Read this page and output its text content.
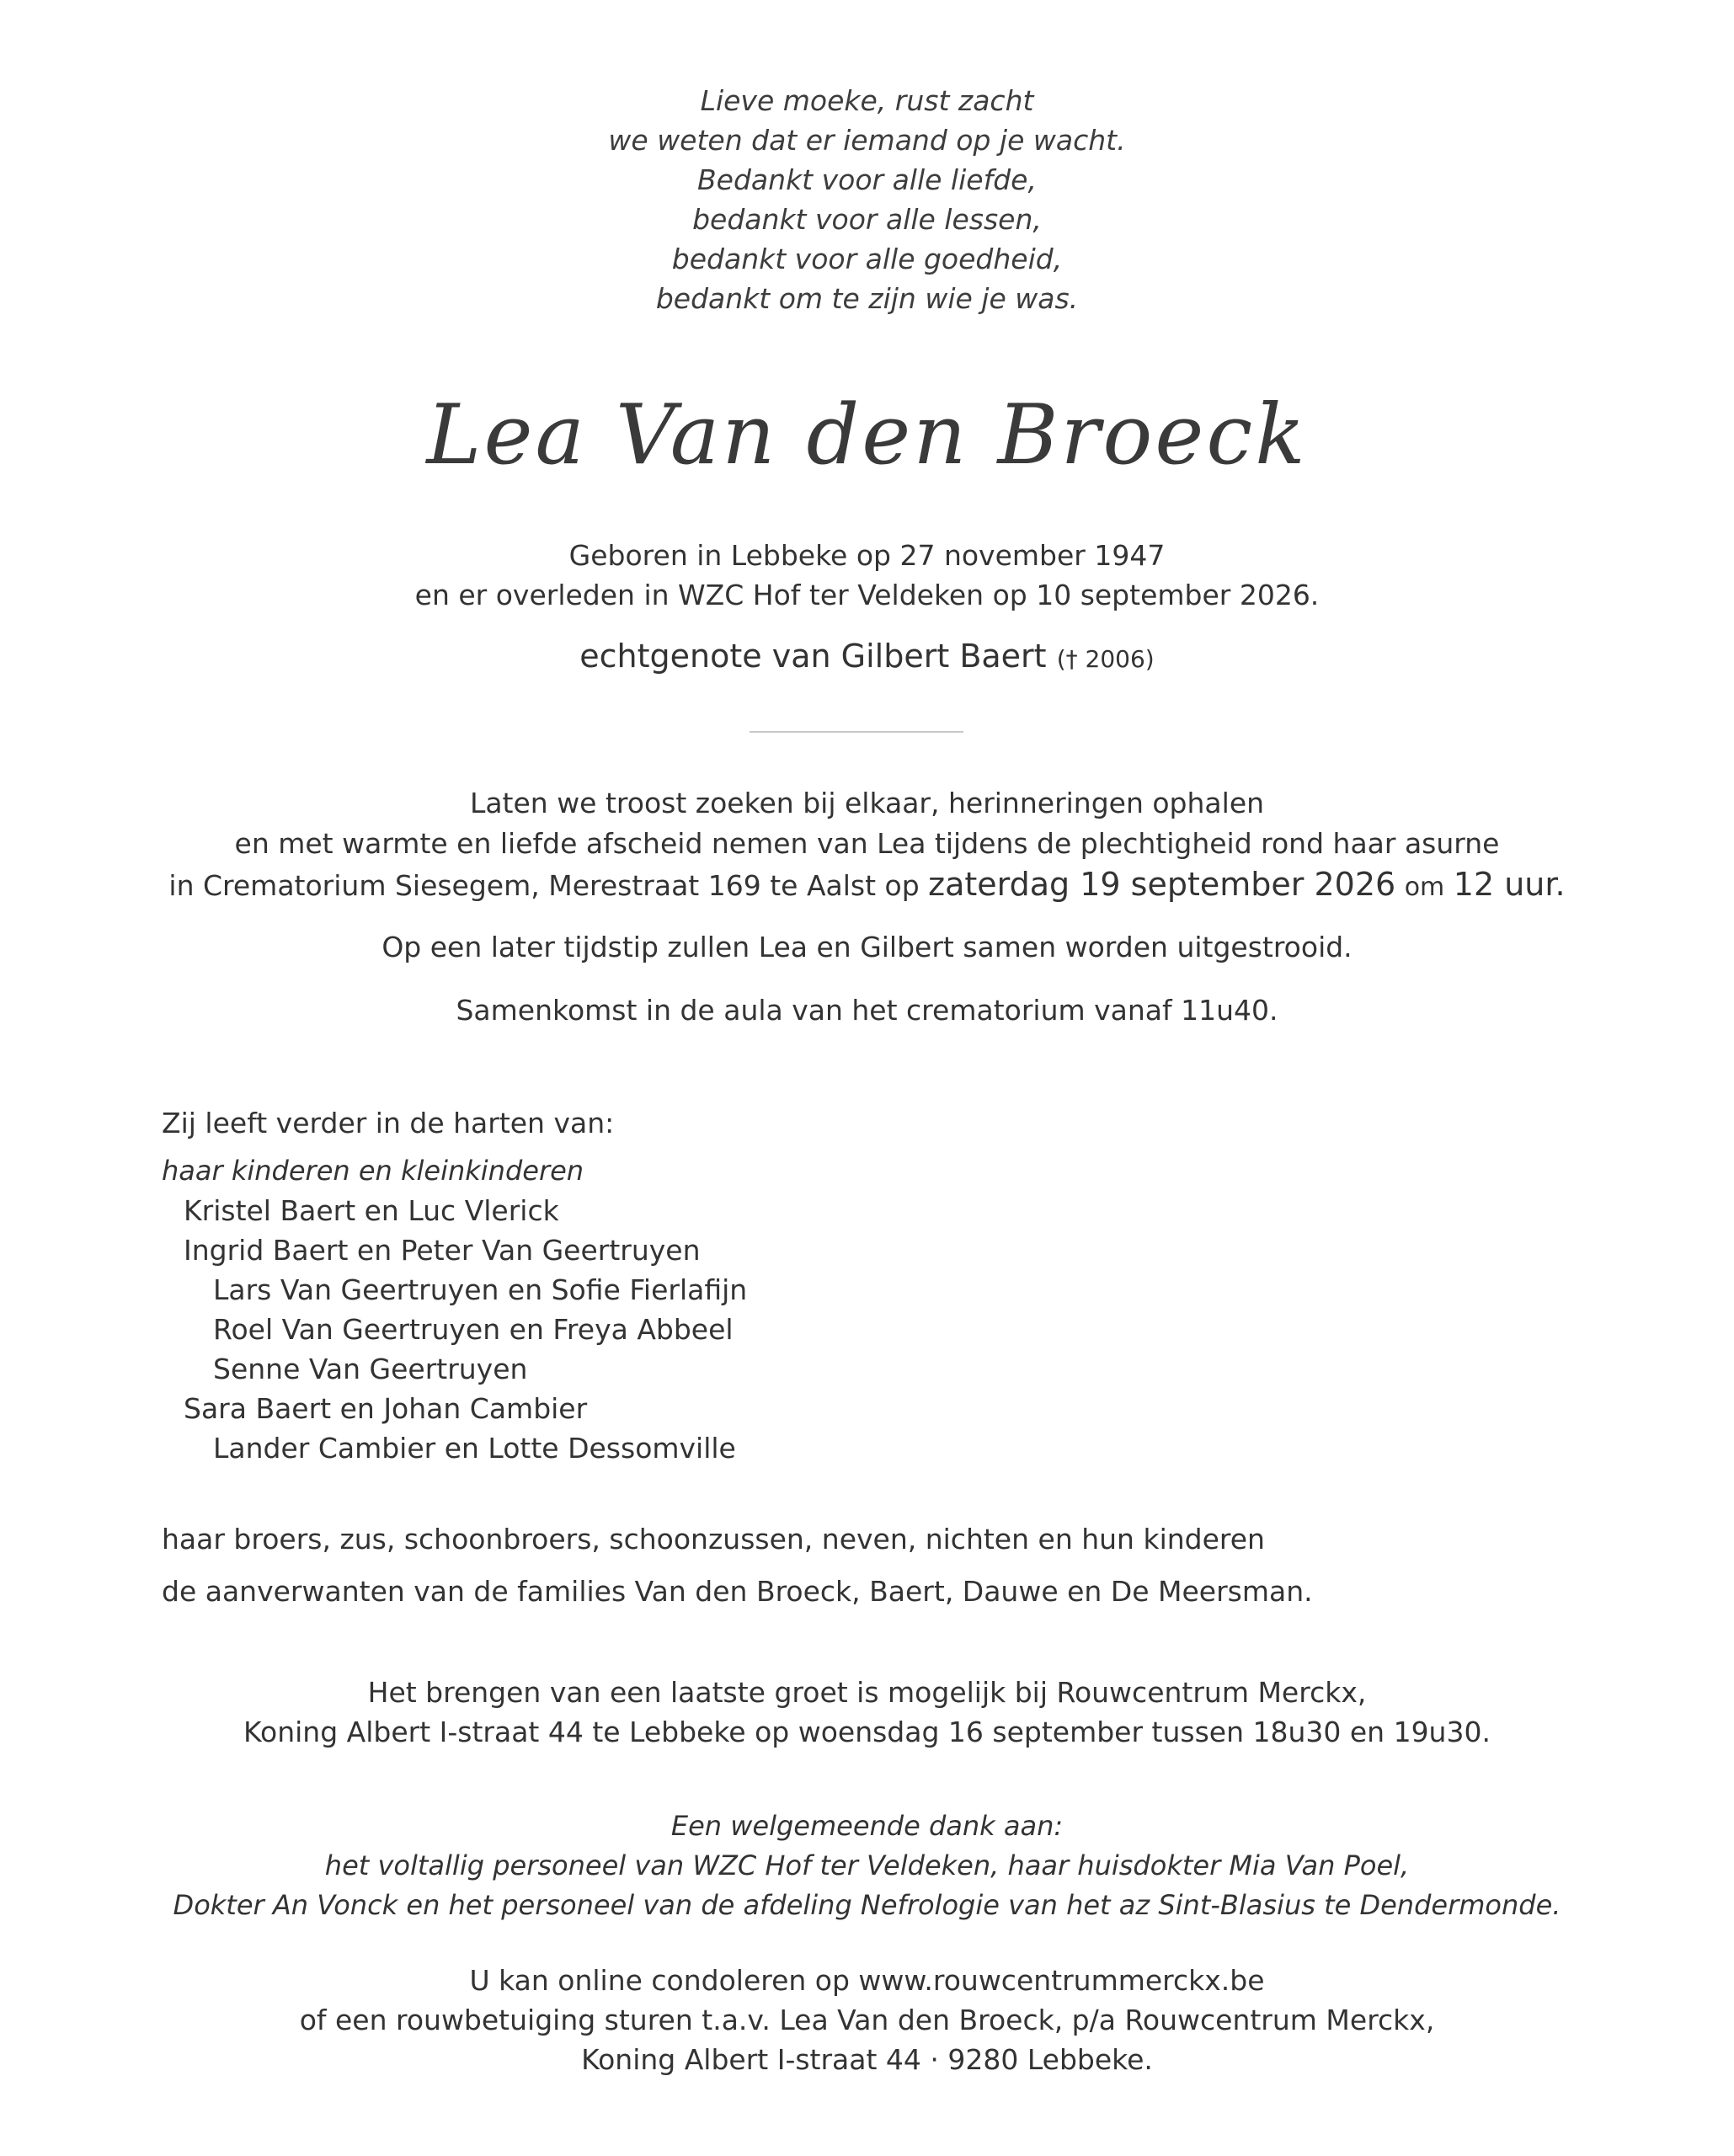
Lieve moeke, rust zacht
we weten dat er iemand op je wacht.
Bedankt voor alle liefde,
bedankt voor alle lessen,
bedankt voor alle goedheid,
bedankt om te zijn wie je was.
Lea Van den Broeck
Geboren in Lebbeke op 27 november 1947
en er overleden in WZC Hof ter Veldeken op 10 september 2026.
echtgenote van Gilbert Baert († 2006)
Laten we troost zoeken bij elkaar, herinneringen ophalen
en met warmte en liefde afscheid nemen van Lea tijdens de plechtigheid rond haar asurne
in Crematorium Siesegem, Merestraat 169 te Aalst op zaterdag 19 september 2026 om 12 uur.
Op een later tijdstip zullen Lea en Gilbert samen worden uitgestrooid.
Samenkomst in de aula van het crematorium vanaf 11u40.
Zij leeft verder in de harten van:
haar kinderen en kleinkinderen
Kristel Baert en Luc Vlerick
Ingrid Baert en Peter Van Geertruyen
Lars Van Geertruyen en Sofie Fierlafijn
Roel Van Geertruyen en Freya Abbeel
Senne Van Geertruyen
Sara Baert en Johan Cambier
Lander Cambier en Lotte Dessomville
haar broers, zus, schoonbroers, schoonzussen, neven, nichten en hun kinderen
de aanverwanten van de families Van den Broeck, Baert, Dauwe en De Meersman.
Het brengen van een laatste groet is mogelijk bij Rouwcentrum Merckx,
Koning Albert I-straat 44 te Lebbeke op woensdag 16 september tussen 18u30 en 19u30.
Een welgemeende dank aan:
het voltallig personeel van WZC Hof ter Veldeken, haar huisdokter Mia Van Poel,
Dokter An Vonck en het personeel van de afdeling Nefrologie van het az Sint-Blasius te Dendermonde.
U kan online condoleren op www.rouwcentrummerckx.be
of een rouwbetuiging sturen t.a.v. Lea Van den Broeck, p/a Rouwcentrum Merckx,
Koning Albert I-straat 44 · 9280 Lebbeke.
